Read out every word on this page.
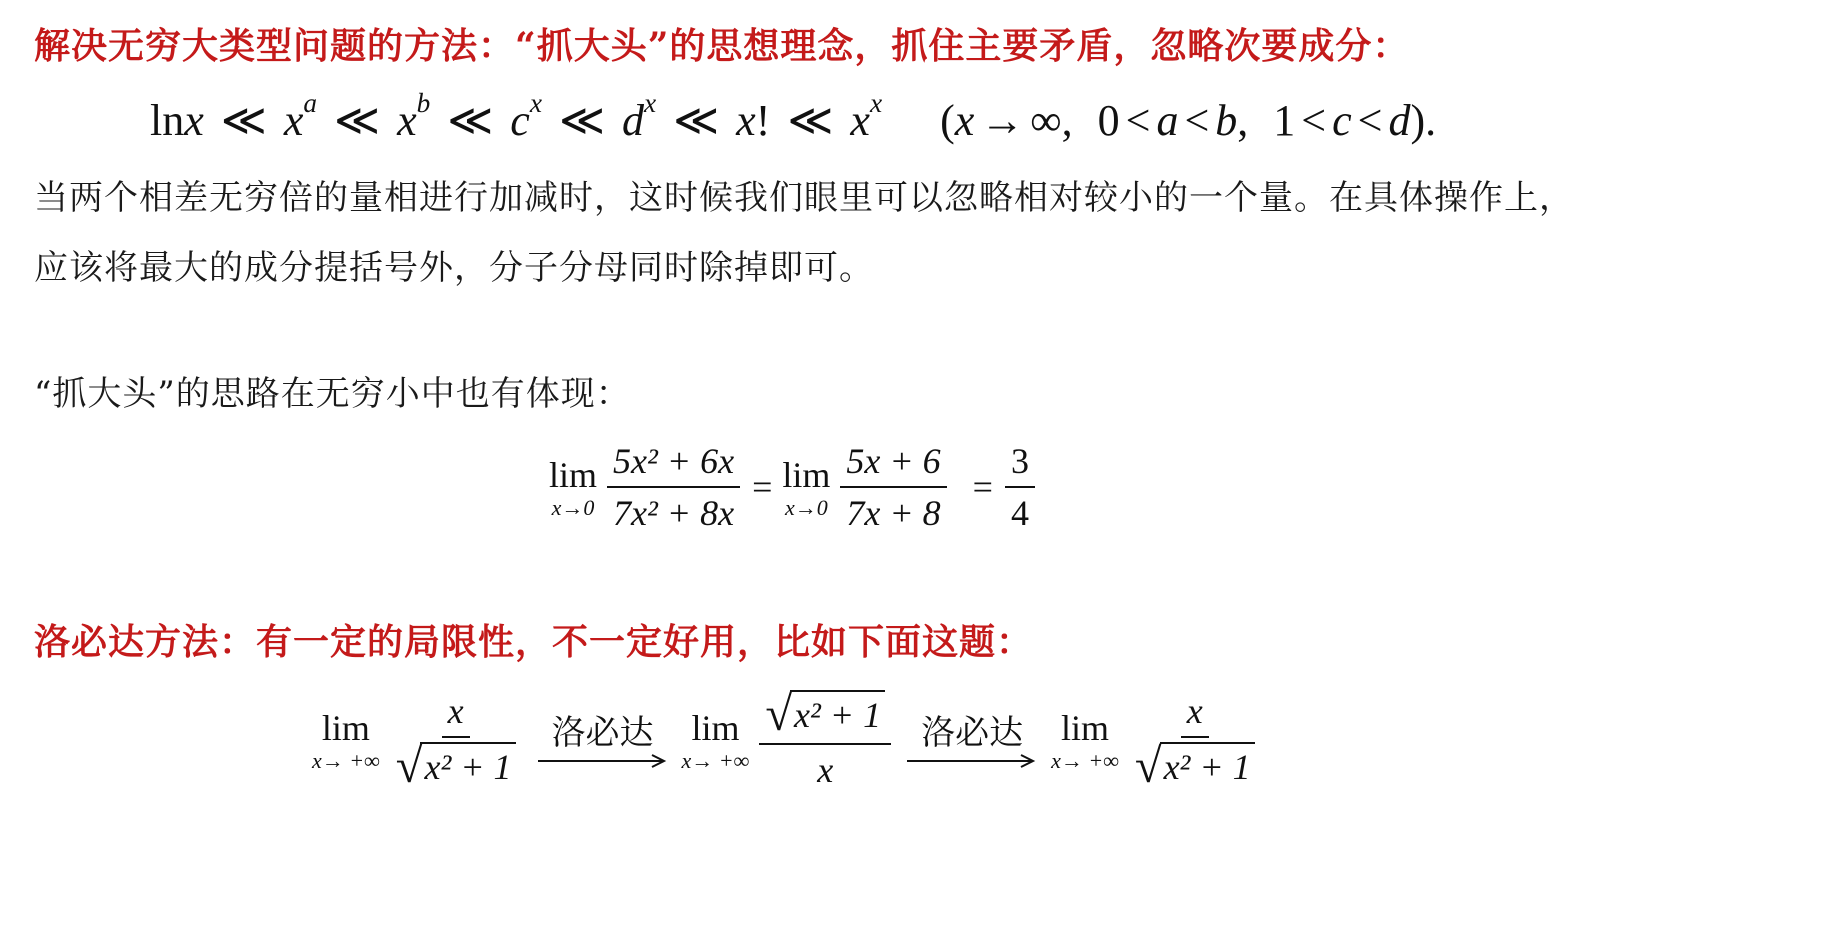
解决无穷大类型问题的方法：“抓大头”的思想理念，抓住主要矛盾，忽略次要成分：
lnx ≪ $x^a$ ≪ $x^b$ ≪ $c^x$ ≪ $d^x$ ≪ x! ≪ $x^x$ (x → ∞, 0 < a < b, 1 < c < d).
当两个相差无穷倍的量相进行加减时，这时候我们眼里可以忽略相对较小的一个量。在具体操作上，
应该将最大的成分提括号外，分子分母同时除掉即可。
“抓大头”的思路在无穷小中也有体现：
lim
$x\to 0 \frac{\text{5x² + 6x}}{\text{7x² + 8x}} = \lim$
$x\to 0 \frac{5x + 6}{7x + 8} = \frac{3}{4}$
洛必达方法：有一定的局限性，不一定好用，比如下面这题：
lim
x→ +∞ $\frac{x}{\text{√ x² + 1}}$ 洛必达 lim
x→ +∞ $\frac{\text{√ x² + 1}}{x}$ 洛必达 lim
x→ +∞ $\frac{x}{\text{√ x² + 1}}$
